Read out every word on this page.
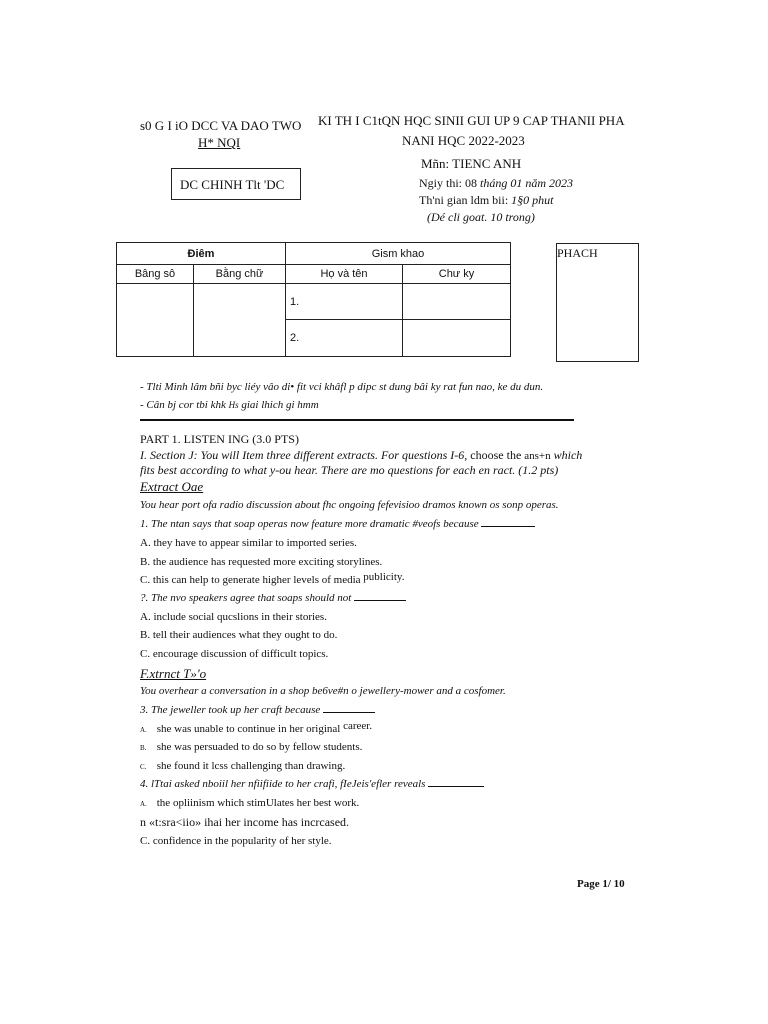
s0 G I iO DCC VA DAO TWO
H* NQI
KI TH I C1tQN HQC SINII GUI UP 9 CAP THANII PHA
NANI HQC 2022-2023
Mñn: TIENC ANH
Ngiy thi: 08 tháng 01 năm 2023
Th'ni gian ldm bii: 1§0 phut
(Dé cli goat. 10 trong)
DC CHINH Tlt 'DC
Điêm		Gism khao	
Bâng sô	Bằng chữ	Họ và tên	Chư ky
		1.	
		2.	
PHACH
- Tlti Minh lâm bñi byc liéy vâo di• fit vci khâfl p dipc st dung bâi ky rat fun nao, ke du dun.
- Cân bj cor tbi khk Hs giai lhich gi hmm
PART 1. LISTEN ING (3.0 PTS)
I. Section J: You will Item three different extracts. For questions I-6, choose the ans+n which
fits best according to what y-ou hear. There are mo questions for each en ract. (1.2 pts)
Extract Oae
You hear port ofa radio discussion about fhc ongoing fefevisioo dramos known os sonp operas.
1. The ntan says that soap operas now feature more dramatic #veofs because
A. they have to appear similar to imported series.
B. the audience has requested more exciting storylines.
C. this can help to generate higher levels of media publicity.
?. The nvo speakers agree that soaps should not
A. include social qucslions in their stories.
B. tell their audiences what they ought to do.
C. encourage discussion of difficult topics.
F.xtrnct T»'o
You overhear a conversation in a shop be6ve#n o jewellery-mower and a cosfomer.
3. The jeweller took up her craft because
A. she was unable to continue in her original career.
B. she was persuaded to do so by fellow students.
C. she found it lcss challenging than drawing.
4. lTtai asked nboiil her nfiifiide to her crafi, fIeJeis'efler reveals
A. the opliinism which stimUlates her best work.
n «t:sra<iio» ihai her income has incrcased.
C. confidence in the popularity of her style.
Page 1/ 10
